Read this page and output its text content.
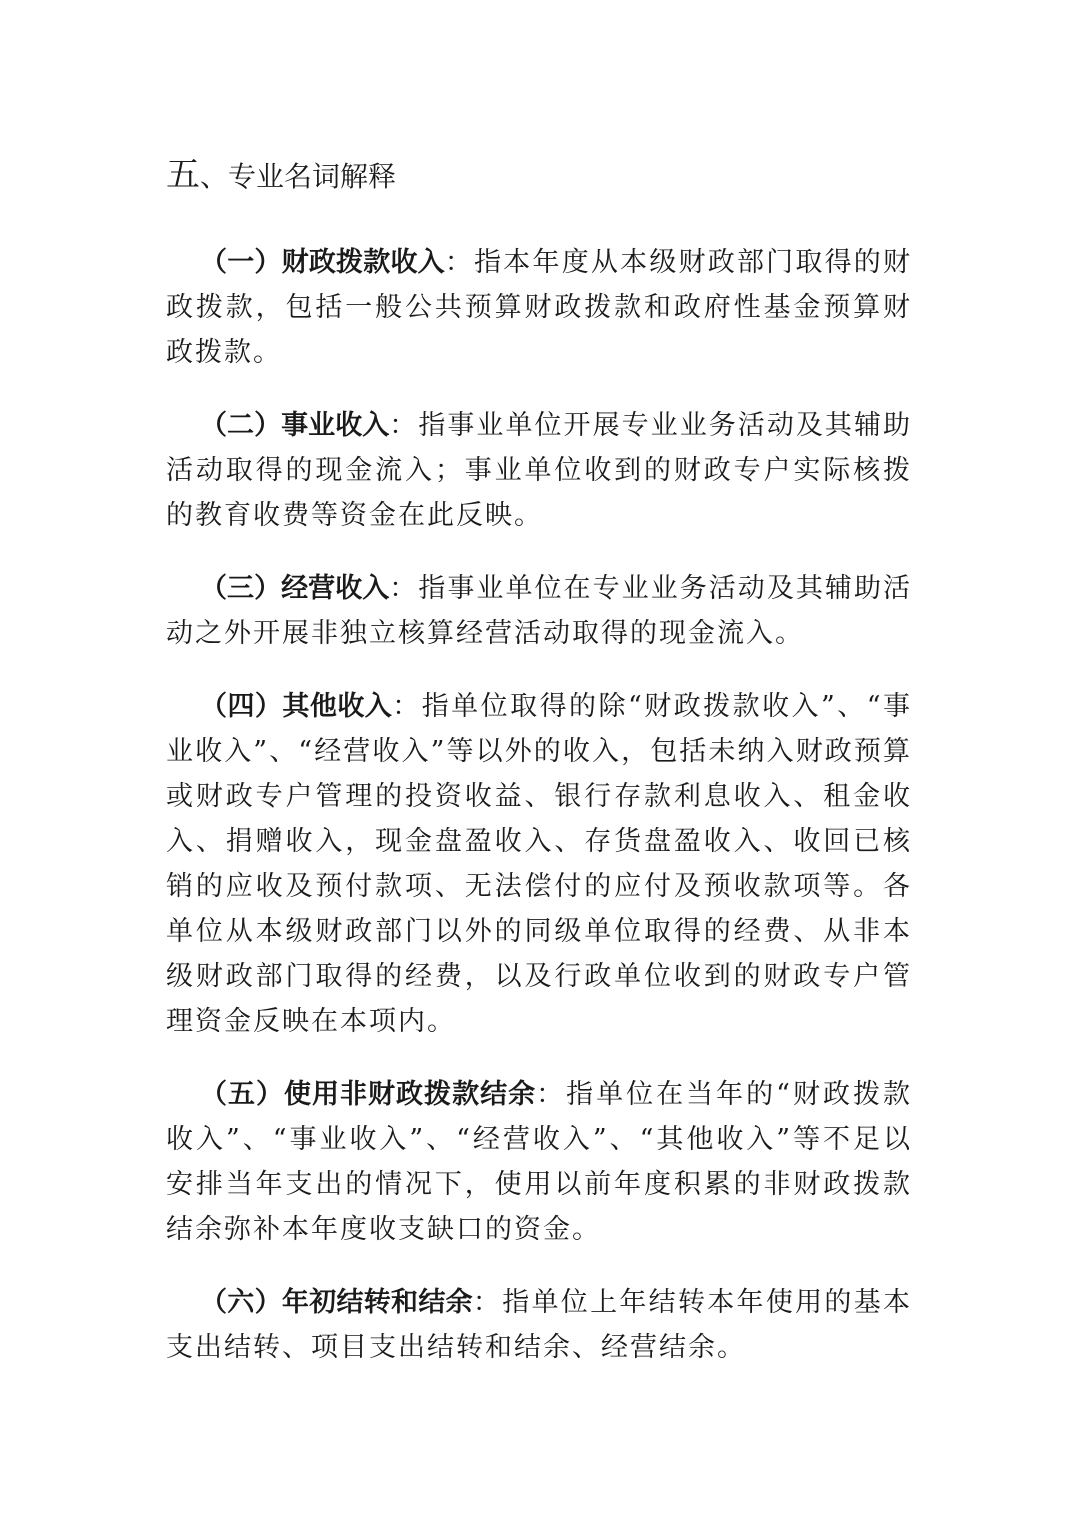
五、专业名词解释

（一）财政拨款收入：指本年度从本级财政部门取得的财政拨款，包括一般公共预算财政拨款和政府性基金预算财政拨款。

（二）事业收入：指事业单位开展专业业务活动及其辅助活动取得的现金流入；事业单位收到的财政专户实际核拨的教育收费等资金在此反映。

（三）经营收入：指事业单位在专业业务活动及其辅助活动之外开展非独立核算经营活动取得的现金流入。

（四）其他收入：指单位取得的除“财政拨款收入”、“事业收入”、“经营收入”等以外的收入，包括未纳入财政预算或财政专户管理的投资收益、银行存款利息收入、租金收入、捐赠收入，现金盘盈收入、存货盘盈收入、收回已核销的应收及预付款项、无法偿付的应付及预收款项等。各单位从本级财政部门以外的同级单位取得的经费、从非本级财政部门取得的经费，以及行政单位收到的财政专户管理资金反映在本项内。

（五）使用非财政拨款结余：指单位在当年的“财政拨款收入”、“事业收入”、“经营收入”、“其他收入”等不足以安排当年支出的情况下，使用以前年度积累的非财政拨款结余弥补本年度收支缺口的资金。

（六）年初结转和结余：指单位上年结转本年使用的基本支出结转、项目支出结转和结余、经营结余。
